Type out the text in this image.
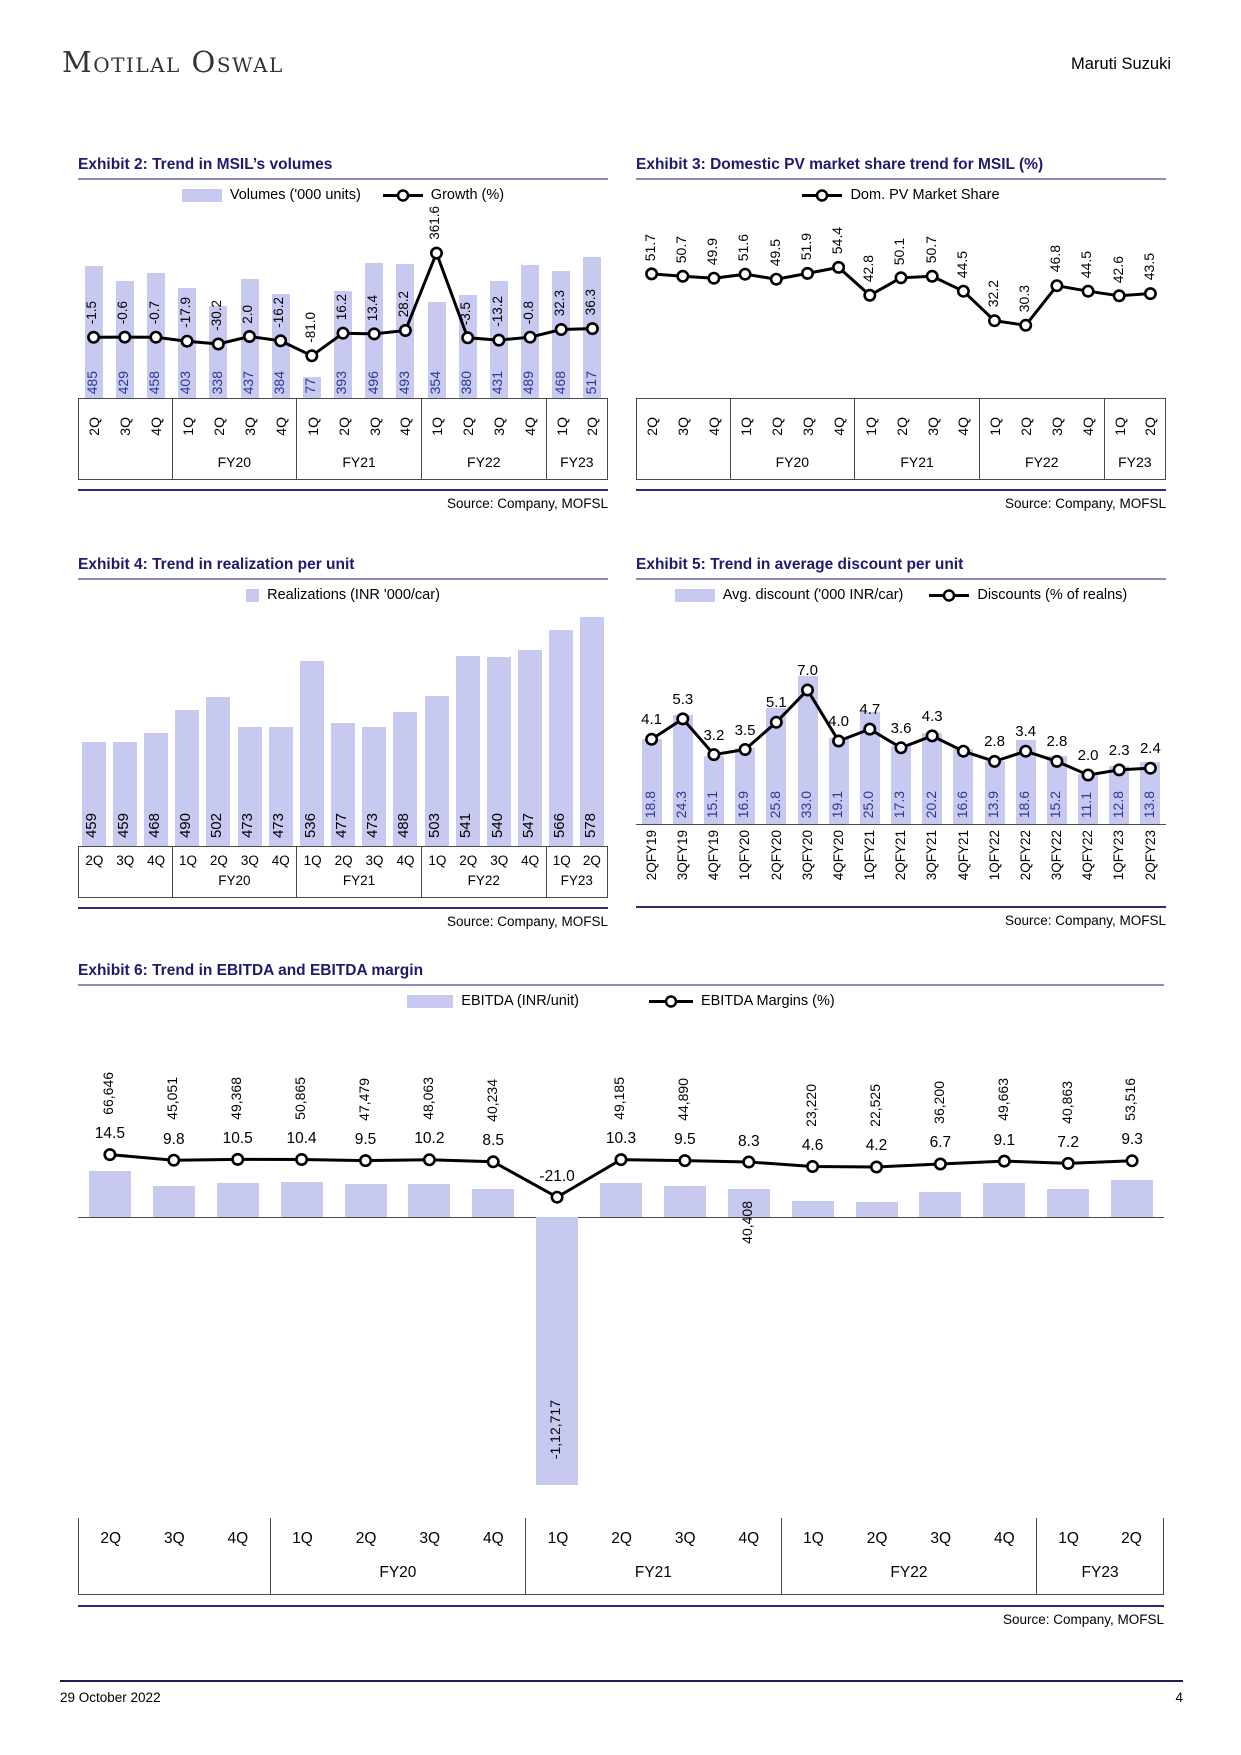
Motilal Oswal	Maruti Suzuki
Exhibit 2: Trend in MSIL’s volumes
Volumes ('000 units)	Growth (%)
485 429 458 403 338 437 384 77 393 496 493 354 380 431 489 468 517
-1.5 -0.6 -0.7 -17.9 -30.2 2.0 -16.2 -81.0
16.2 13.4 28.2
361.6
-3.5 -13.2 -0.8 32.3 36.3
2Q 3Q 4Q 1Q 2Q 3Q 4Q
FY20
1Q 2Q 3Q 4Q
FY21
1Q 2Q 3Q 4Q
FY22
1Q 2Q
FY23
Source: Company, MOFSL
Exhibit 3: Domestic PV market share trend for MSIL (%)
Dom. PV Market Share
51.7 50.7 49.9 51.6 49.5 51.9 54.4
42.8
50.1 50.7
44.5
32.2 30.3
46.8 44.5 42.6 43.5
2Q 3Q 4Q 1Q 2Q 3Q 4Q
FY20
1Q 2Q 3Q 4Q
FY21
1Q 2Q 3Q 4Q
FY22
1Q 2Q
FY23
Source: Company, MOFSL
Exhibit 4: Trend in realization per unit
Realizations (INR '000/car)
459 459 468 490 502 473 473 536 477 473 488 503 541 540 547 566 578
2Q 3Q 4Q 1Q 2Q 3Q 4Q
FY20
1Q 2Q 3Q 4Q
FY21
1Q 2Q 3Q 4Q
FY22
1Q 2Q
FY23
Source: Company, MOFSL
Exhibit 5: Trend in average discount per unit
Avg. discount ('000 INR/car)	Discounts (% of realns)
18.8 24.3 15.1 16.9 25.8 33.0 19.1 25.0 17.3 20.2 16.6 13.9 18.6 15.2 11.1 12.8 13.8
4.1
5.3
3.2 3.5
5.1
7.0
4.0
4.7
3.6
4.3
2.8
3.4
2.8
2.0 2.3 2.4
2QFY19 3QFY19 4QFY19 1QFY20 2QFY20 3QFY20 4QFY20 1QFY21 2QFY21 3QFY21 4QFY21 1QFY22 2QFY22 3QFY22 4QFY22 1QFY23 2QFY23
Source: Company, MOFSL
Exhibit 6: Trend in EBITDA and EBITDA margin
EBITDA (INR/unit)	EBITDA Margins (%)
66,646	45,051	49,368	50,865	47,479	48,063	40,234
-1,12,717
49,185	44,890
40,408
23,220	22,525	36,200	49,663	40,863	53,516
14.5 9.8 10.5 10.4 9.5 10.2 8.5
-21.0
10.3 9.5	8.3	4.6	4.2	6.7	9.1	7.2	9.3
2Q	3Q	4Q	1Q	2Q	3Q	4Q
FY20
1Q	2Q	3Q	4Q
FY21
1Q	2Q	3Q	4Q
FY22
1Q	2Q
FY23
Source: Company, MOFSL
29 October 2022	4
